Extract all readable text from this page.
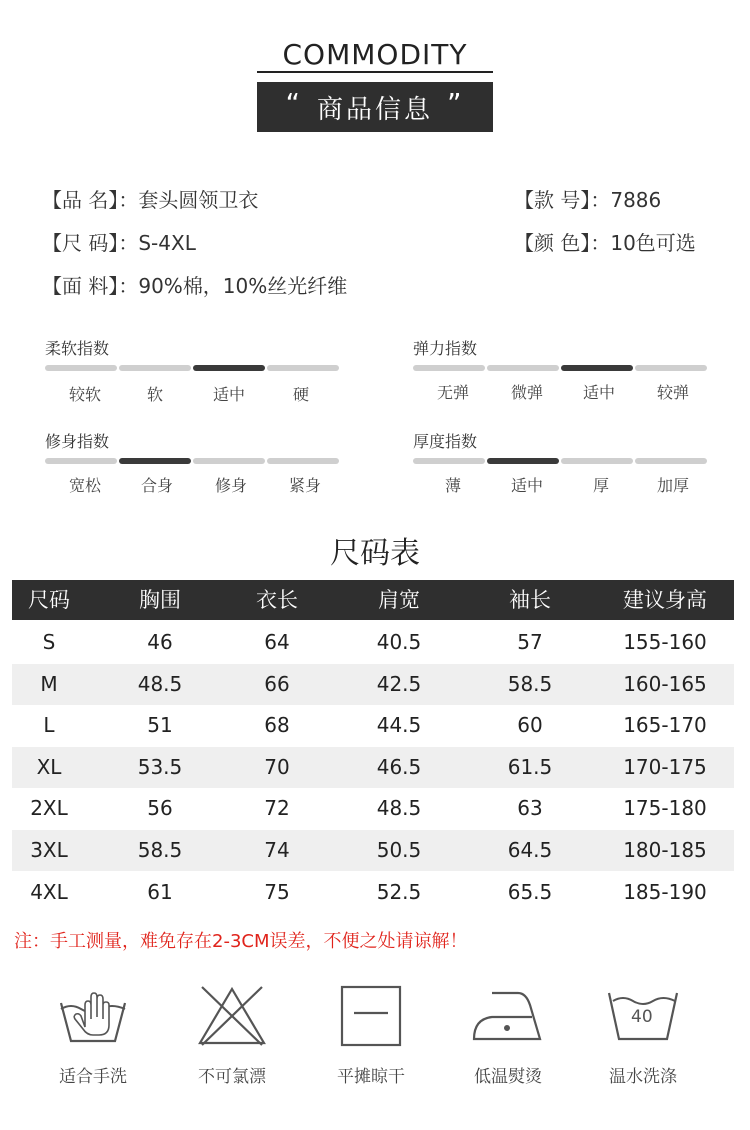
COMMODITY
“ 商品信息 ”
【品 名】：套头圆领卫衣	【款 号】：7886
【尺 码】：S-4XL	【颜 色】：10色可选
【面 料】：90%棉，10%丝光纤维
柔软指数
较软	软	适中	硬
弹力指数
无弹	微弹	适中	较弹
修身指数
宽松	合身	修身	紧身
厚度指数
薄	适中	厚	加厚
尺码表
尺码	胸围	衣长	肩宽	袖长	建议身高
S	46	64	40.5	57	155-160
M	48.5	66	42.5	58.5	160-165
L	51	68	44.5	60	165-170
XL	53.5	70	46.5	61.5	170-175
2XL	56	72	48.5	63	175-180
3XL	58.5	74	50.5	64.5	180-185
4XL	61	75	52.5	65.5	185-190
注：手工测量，难免存在2-3CM误差，不便之处请谅解！
适合手洗	不可氯漂	平摊晾干	低温熨烫
40
温水洗涤
